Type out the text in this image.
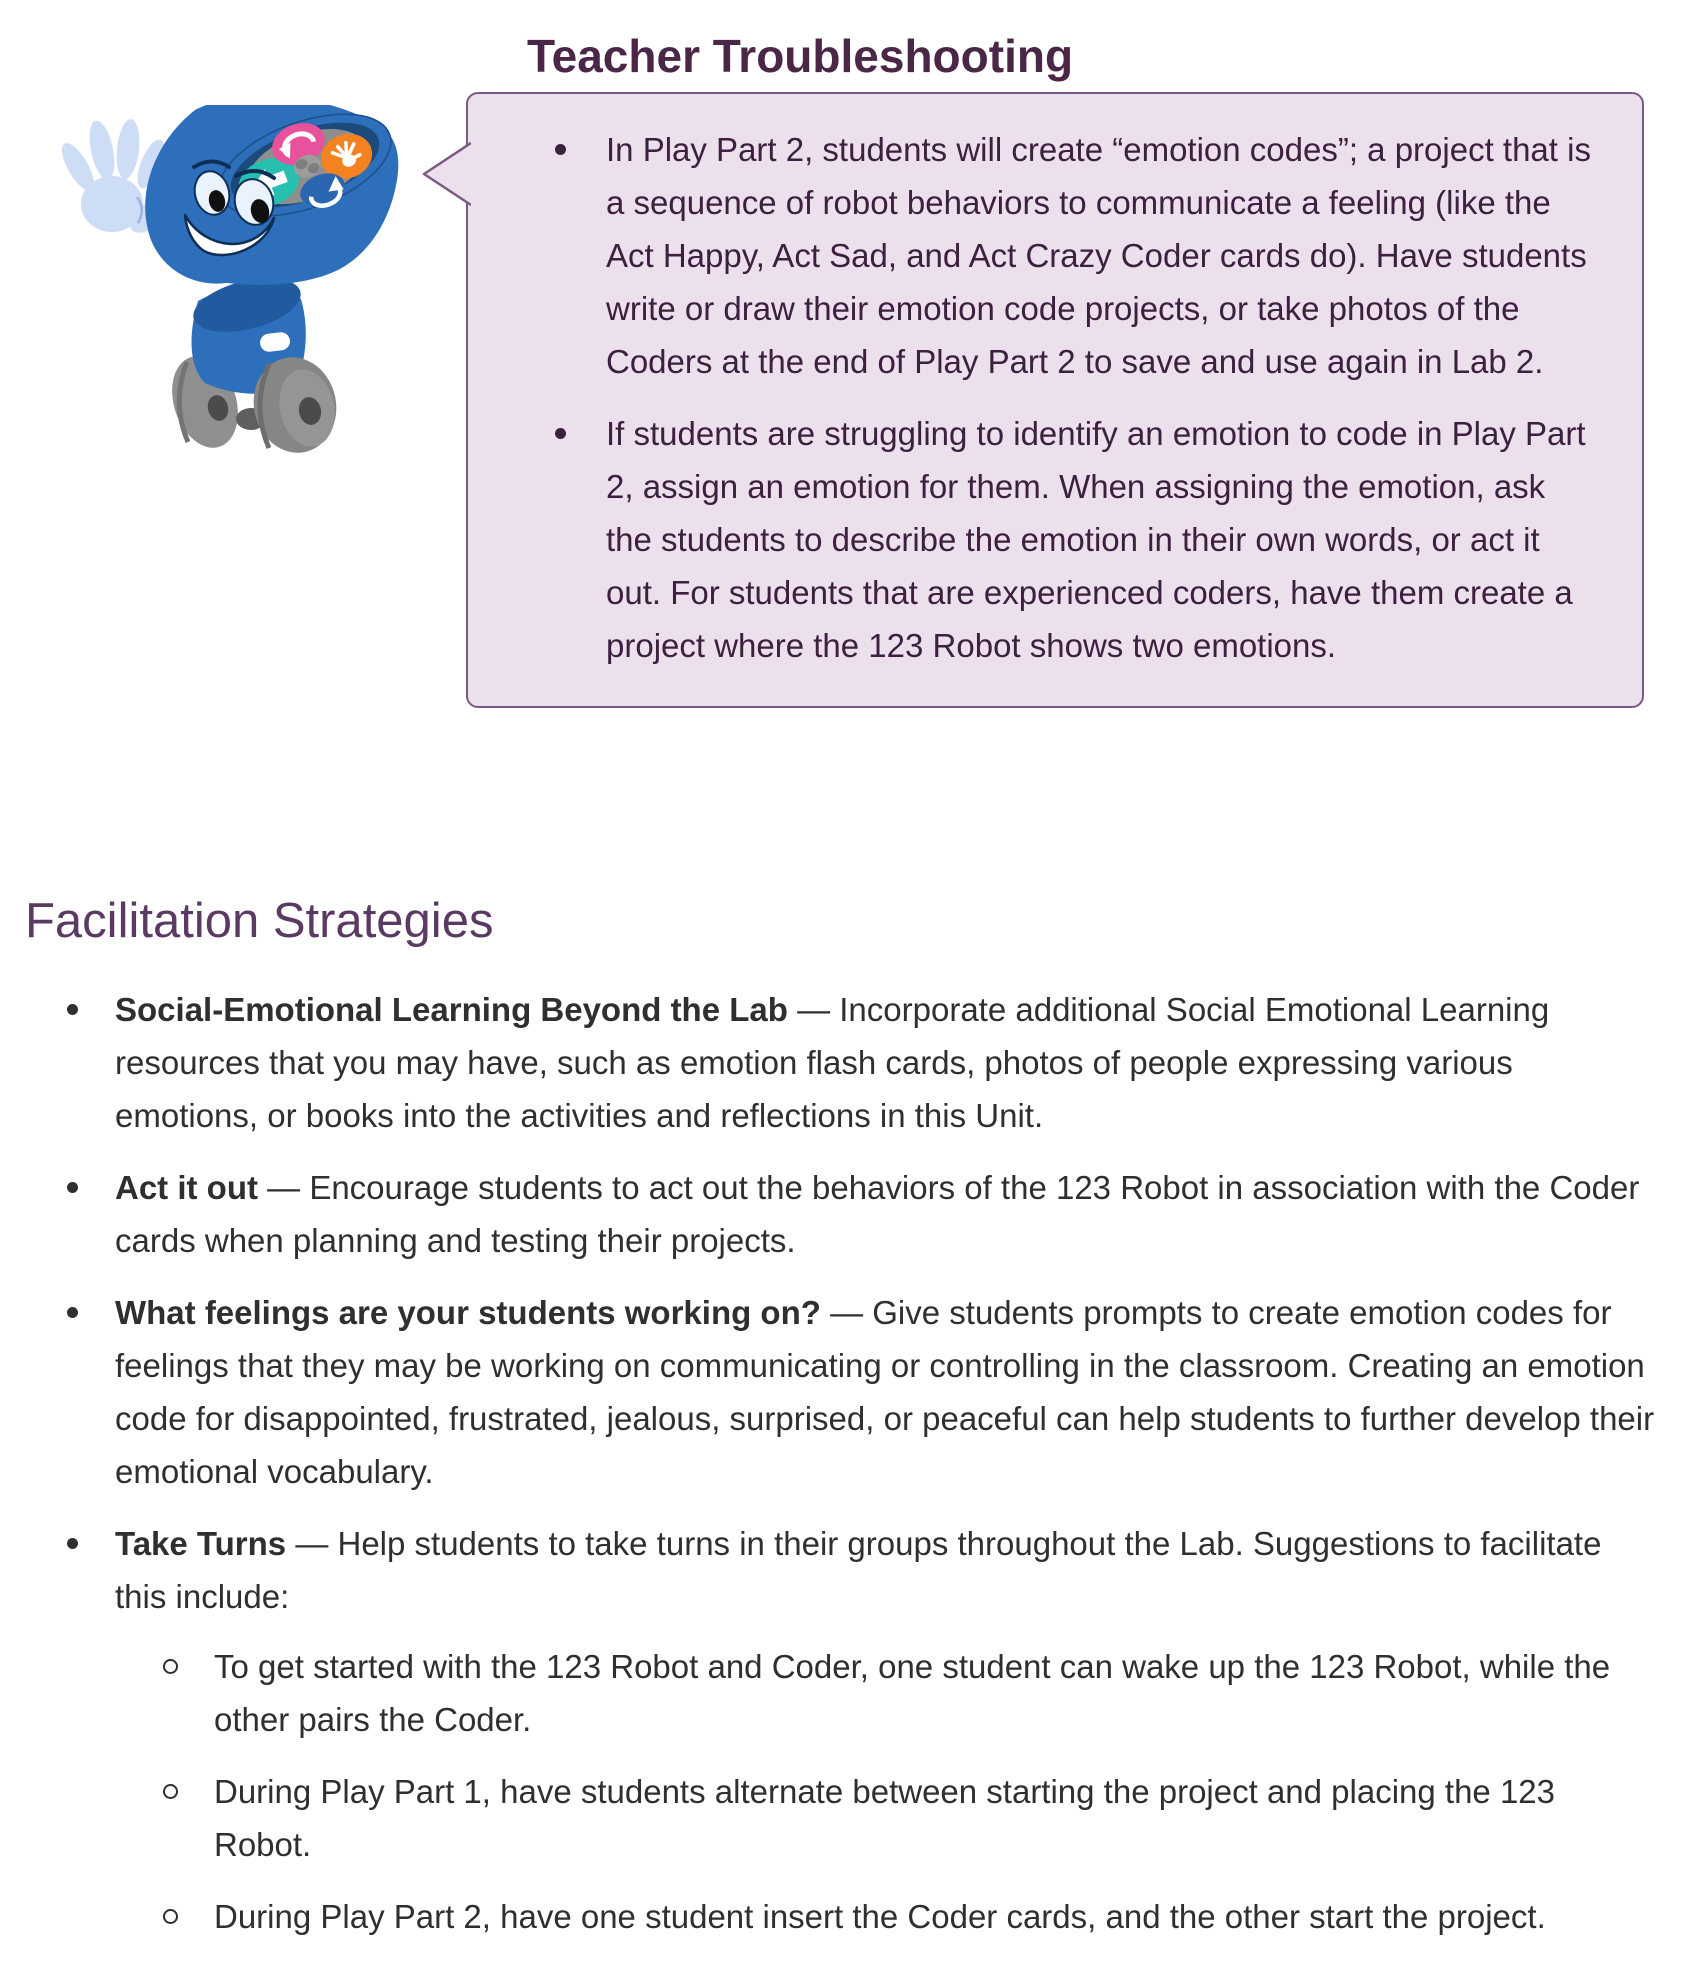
Teacher Troubleshooting
In Play Part 2, students will create “emotion codes”; a project that is a sequence of robot behaviors to communicate a feeling (like the Act Happy, Act Sad, and Act Crazy Coder cards do). Have students write or draw their emotion code projects, or take photos of the Coders at the end of Play Part 2 to save and use again in Lab 2.
If students are struggling to identify an emotion to code in Play Part 2, assign an emotion for them. When assigning the emotion, ask the students to describe the emotion in their own words, or act it out. For students that are experienced coders, have them create a project where the 123 Robot shows two emotions.
Facilitation Strategies
Social-Emotional Learning Beyond the Lab — Incorporate additional Social Emotional Learning resources that you may have, such as emotion flash cards, photos of people expressing various emotions, or books into the activities and reflections in this Unit.
Act it out — Encourage students to act out the behaviors of the 123 Robot in association with the Coder cards when planning and testing their projects.
What feelings are your students working on? — Give students prompts to create emotion codes for feelings that they may be working on communicating or controlling in the classroom. Creating an emotion code for disappointed, frustrated, jealous, surprised, or peaceful can help students to further develop their emotional vocabulary.
Take Turns — Help students to take turns in their groups throughout the Lab. Suggestions to facilitate this include:
To get started with the 123 Robot and Coder, one student can wake up the 123 Robot, while the other pairs the Coder.
During Play Part 1, have students alternate between starting the project and placing the 123 Robot.
During Play Part 2, have one student insert the Coder cards, and the other start the project.
